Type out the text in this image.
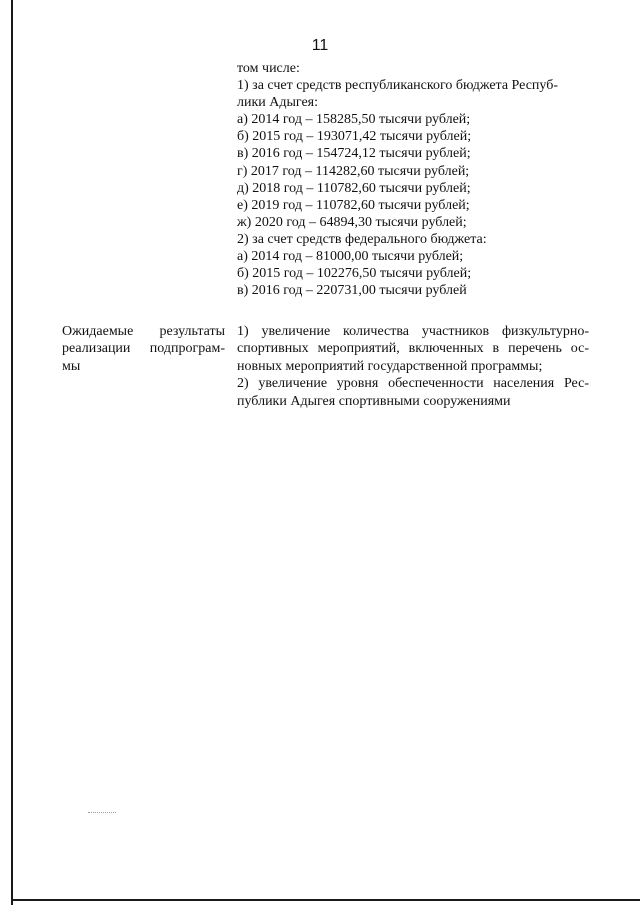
11
том числе:
1) за счет средств республиканского бюджета Респуб-
лики Адыгея:
а) 2014 год – 158285,50 тысячи рублей;
б) 2015 год – 193071,42 тысячи рублей;
в) 2016 год – 154724,12 тысячи рублей;
г) 2017 год – 114282,60 тысячи рублей;
д) 2018 год – 110782,60 тысячи рублей;
е) 2019 год – 110782,60 тысячи рублей;
ж) 2020 год – 64894,30 тысячи рублей;
2) за счет средств федерального бюджета:
а) 2014 год – 81000,00 тысячи рублей;
б) 2015 год – 102276,50 тысячи рублей;
в) 2016 год – 220731,00 тысячи рублей
Ожидаемые результаты
реализации подпрограм-
мы
1) увеличение количества участников физкультурно-
спортивных мероприятий, включенных в перечень ос-
новных мероприятий государственной программы;
2) увеличение уровня обеспеченности населения Рес-
публики Адыгея спортивными сооружениями
